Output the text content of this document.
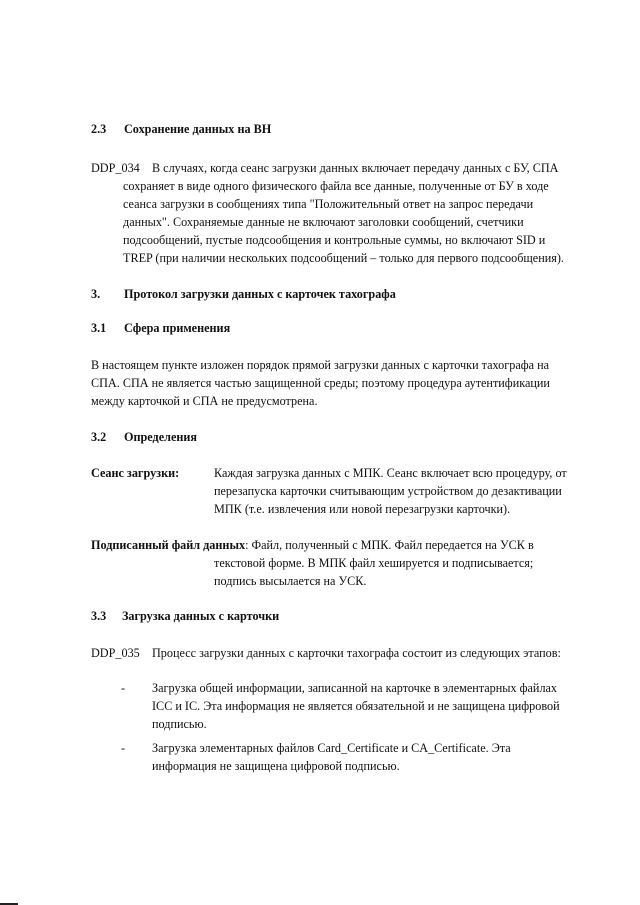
2.3 Сохранение данных на ВН
DDP_034 В случаях, когда сеанс загрузки данных включает передачу данных с БУ, СПА
сохраняет в виде одного физического файла все данные, полученные от БУ в ходе
сеанса загрузки в сообщениях типа "Положительный ответ на запрос передачи
данных". Сохраняемые данные не включают заголовки сообщений, счетчики
подсообщений, пустые подсообщения и контрольные суммы, но включают SID и
TREP (при наличии нескольких подсообщений – только для первого подсообщения).
3. Протокол загрузки данных с карточек тахографа
3.1 Сфера применения
В настоящем пункте изложен порядок прямой загрузки данных с карточки тахографа на
СПА. СПА не является частью защищенной среды; поэтому процедура аутентификации
между карточкой и СПА не предусмотрена.
3.2 Определения
Сеанс загрузки:	Каждая загрузка данных с МПК. Сеанс включает всю процедуру, от
перезапуска карточки считывающим устройством до дезактивации
МПК (т.е. извлечения или новой перезагрузки карточки).
Подписанный файл данных: Файл, полученный с МПК. Файл передается на УСК в
текстовой форме. В МПК файл хешируется и подписывается;
подпись высылается на УСК.
3.3 Загрузка данных с карточки
DDP_035 Процесс загрузки данных с карточки тахографа состоит из следующих этапов:
- Загрузка общей информации, записанной на карточке в элементарных файлах
ICC и IC. Эта информация не является обязательной и не защищена цифровой
подписью.
- Загрузка элементарных файлов Card_Certificate и CA_Certificate. Эта
информация не защищена цифровой подписью.
